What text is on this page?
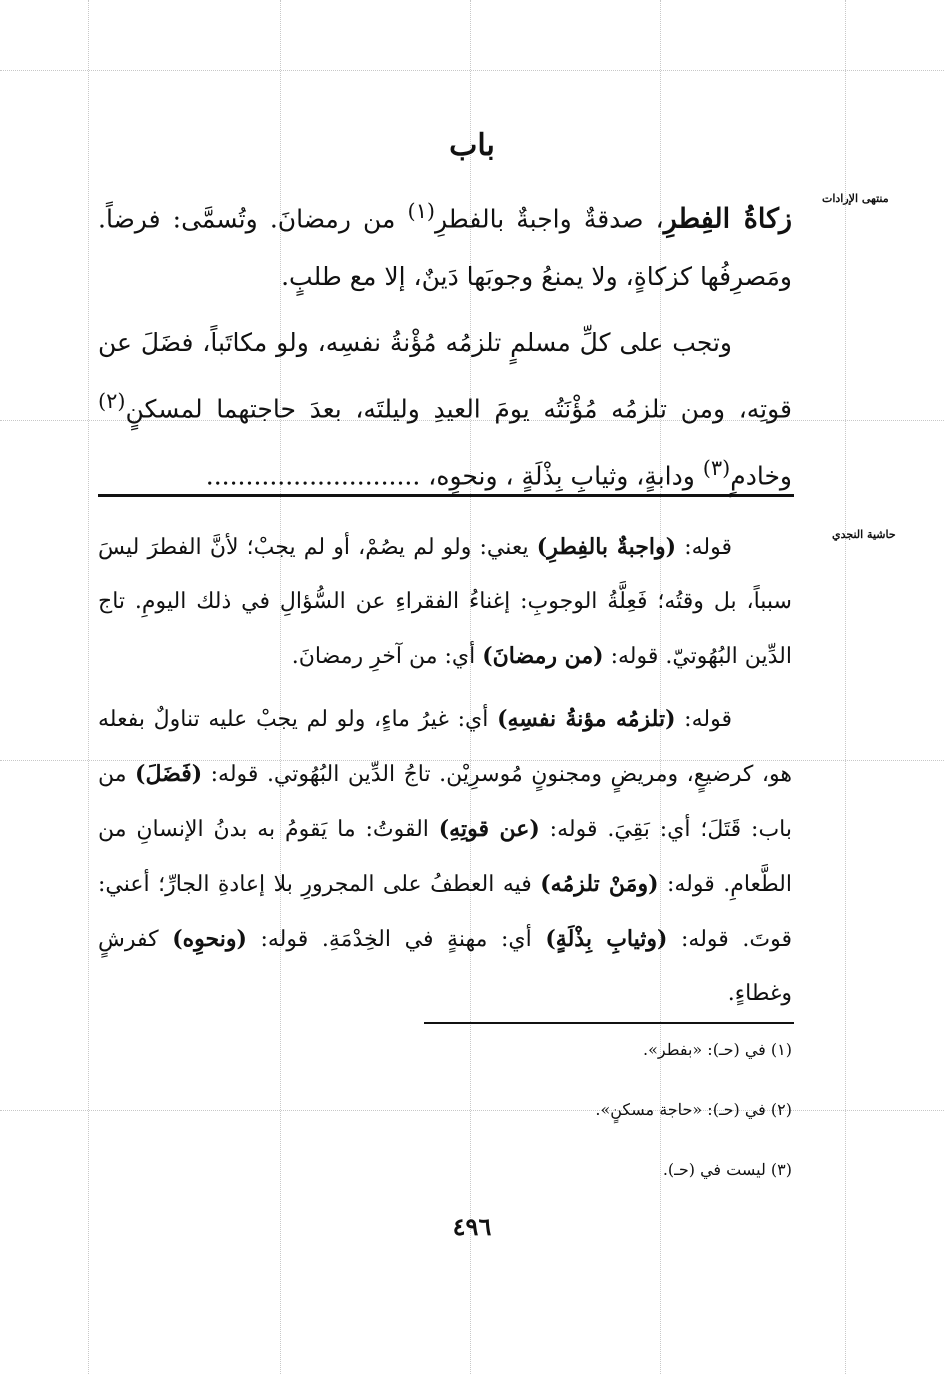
منتهى الإرادات
حاشية النجدي
باب

زكاةُ الفِطرِ، صدقةٌ واجبةٌ بالفطرِ$^{(١)}$ من رمضانَ. وتُسمَّى: فرضاً. ومَصرِفُها كزكاةٍ، ولا يمنعُ وجوبَها دَينٌ، إلا مع طلبٍ.

وتجب على كلِّ مسلمٍ تلزمُه مُؤْنةُ نفسِه، ولو مكاتَباً، فضَلَ عن قوتِه، ومن تلزمُه مُؤْنَتُه يومَ العيدِ وليلتَه، بعدَ حاجتهما لمسكنٍ$^{(٢)}$ وخادمٍ$^{(٣)}$ ودابةٍ، وثيابِ بِذْلَةٍ ، ونحوِه، ...........................

قوله: (واجبةٌ بالفِطرِ) يعني: ولو لم يصُمْ، أو لم يجبْ؛ لأنَّ الفطرَ ليسَ سبباً، بل وقتُه؛ فَعِلَّةُ الوجوبِ: إغناءُ الفقراءِ عن السُّؤالِ في ذلك اليومِ. تاج الدِّين البُهُوتيّ. قوله: (من رمضانَ) أي: من آخرِ رمضانَ.

قوله: (تلزمُه مؤنةُ نفسِهِ) أي: غيرُ ماءٍ، ولو لم يجبْ عليه تناولٌ بفعله هو، كرضيعٍ، ومريضٍ ومجنونٍ مُوسرِيْن. تاجُ الدِّين البُهُوتي. قوله: (فَضَلَ) من باب: قَتَلَ؛ أي: بَقِيَ. قوله: (عن قوتِهِ) القوتُ: ما يَقومُ به بدنُ الإنسانِ من الطَّعامِ. قوله: (ومَنْ تلزمُه) فيه العطفُ على المجرورِ بلا إعادةِ الجارِّ؛ أعني: قوتَ. قوله: (وثيابِ بِذْلَةٍ) أي: مهنةٍ في الخِدْمَةِ. قوله: (ونحوِه) كفرشٍ وغطاءٍ.

(١) في (حـ): «بفطر».
(٢) في (حـ): «حاجة مسكنٍ».
(٣) ليست في (حـ).
٤٩٦
